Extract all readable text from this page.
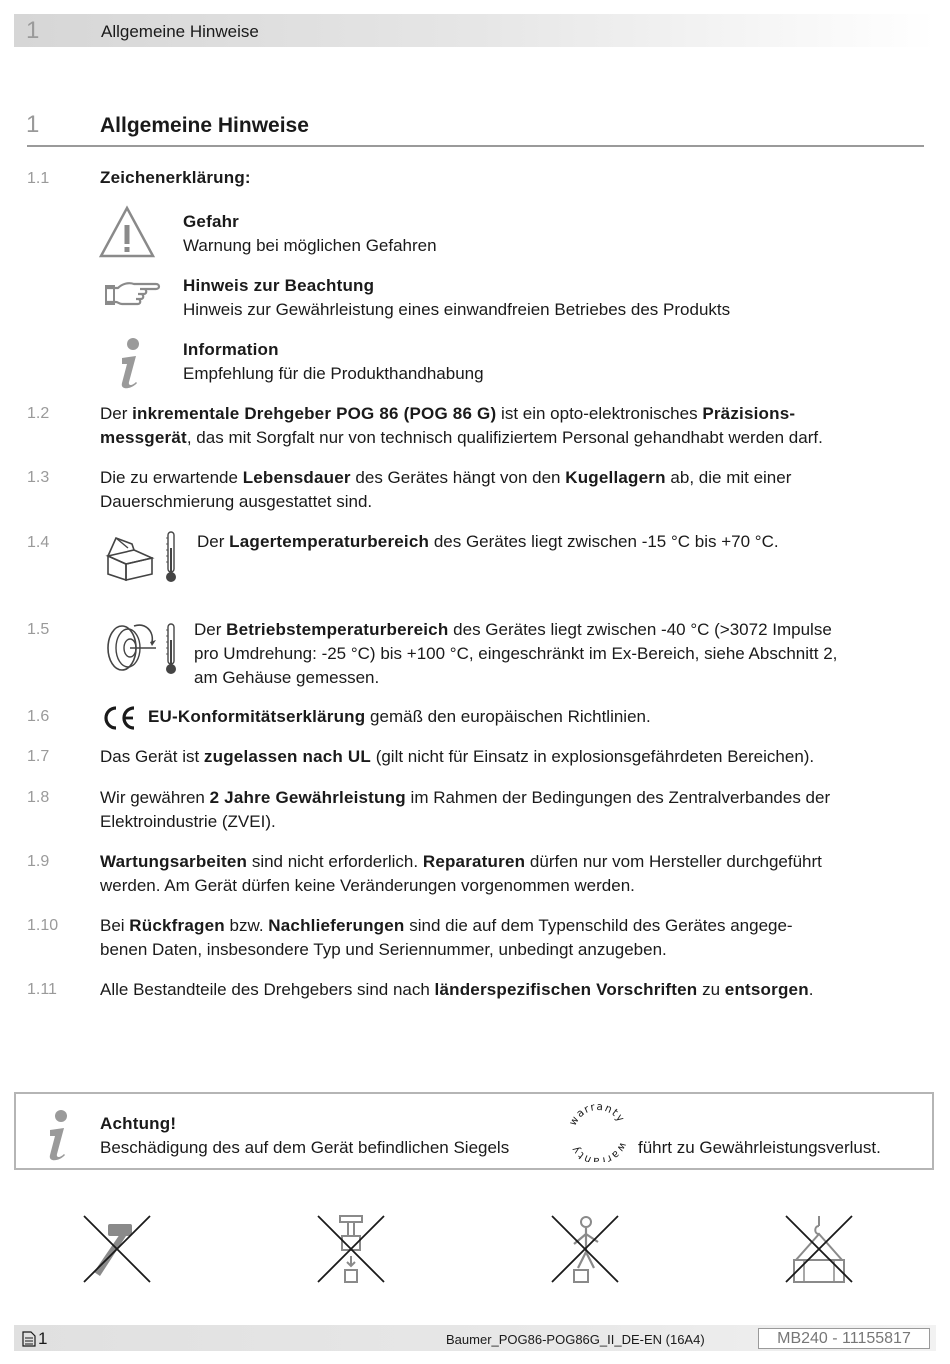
1	Allgemeine Hinweise
1	Allgemeine Hinweise
1.1	Zeichenerklärung:
Gefahr
Warnung bei möglichen Gefahren
Hinweis zur Beachtung
Hinweis zur Gewährleistung eines einwandfreien Betriebes des Produkts
Information
Empfehlung für die Produkthandhabung
1.2	Der inkrementale Drehgeber POG 86 (POG 86 G) ist ein opto-elektronisches Präzisions-
messgerät, das mit Sorgfalt nur von technisch qualifiziertem Personal gehandhabt werden darf.
1.3	Die zu erwartende Lebensdauer des Gerätes hängt von den Kugellagern ab, die mit einer
Dauerschmierung ausgestattet sind.
1.4	Der Lagertemperaturbereich des Gerätes liegt zwischen -15 °C bis +70 °C.
1.5	Der Betriebstemperaturbereich des Gerätes liegt zwischen -40 °C (>3072 Impulse
pro Umdrehung: -25 °C) bis +100 °C, eingeschränkt im Ex-Bereich, siehe Abschnitt 2,
am Gehäuse gemessen.
1.6	EU-Konformitätserklärung gemäß den europäischen Richtlinien.
1.7	Das Gerät ist zugelassen nach UL (gilt nicht für Einsatz in explosionsgefährdeten Bereichen).
1.8	Wir gewähren 2 Jahre Gewährleistung im Rahmen der Bedingungen des Zentralverbandes der
Elektroindustrie (ZVEI).
1.9	Wartungsarbeiten sind nicht erforderlich. Reparaturen dürfen nur vom Hersteller durchgeführt
werden. Am Gerät dürfen keine Veränderungen vorgenommen werden.
1.10 Bei Rückfragen bzw. Nachlieferungen sind die auf dem Typenschild des Gerätes angege-
benen Daten, insbesondere Typ und Seriennummer, unbedingt anzugeben.
1.11	Alle Bestandteile des Drehgebers sind nach länderspezifischen Vorschriften zu entsorgen.
Achtung!
Beschädigung des auf dem Gerät befindlichen Siegels
warranty
warranty	führt zu Gewährleistungsverlust.
1	Baumer_POG86-POG86G_II_DE-EN (16A4)	MB240 - 11155817
